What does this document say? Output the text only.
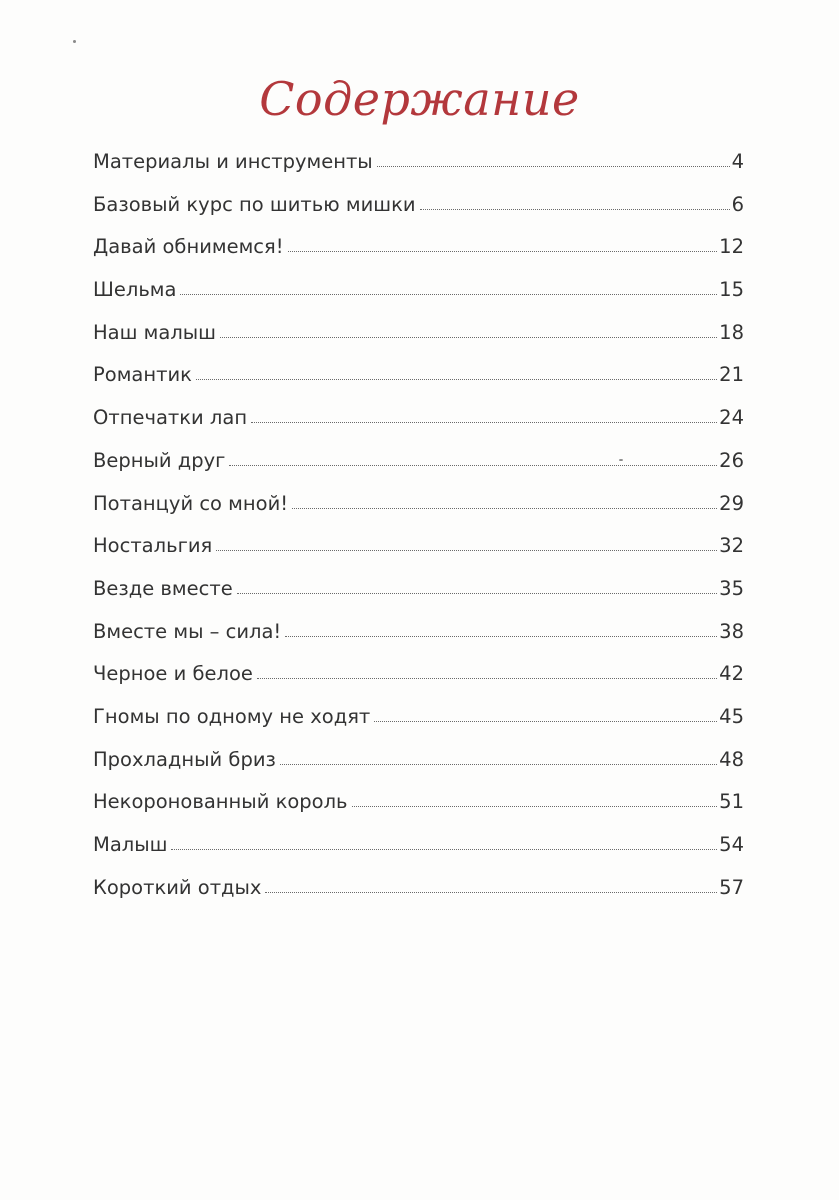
Содержание
Материалы и инструменты	4
Базовый курс по шитью мишки	6
Давай обнимемся!	12
Шельма	15
Наш малыш	18
Романтик	21
Отпечатки лап	24
Верный друг	26
Потанцуй со мной!	29
Ностальгия	32
Везде вместе	35
Вместе мы – сила!	38
Черное и белое	42
Гномы по одному не ходят	45
Прохладный бриз	48
Некоронованный король	51
Малыш	54
Короткий отдых	57
